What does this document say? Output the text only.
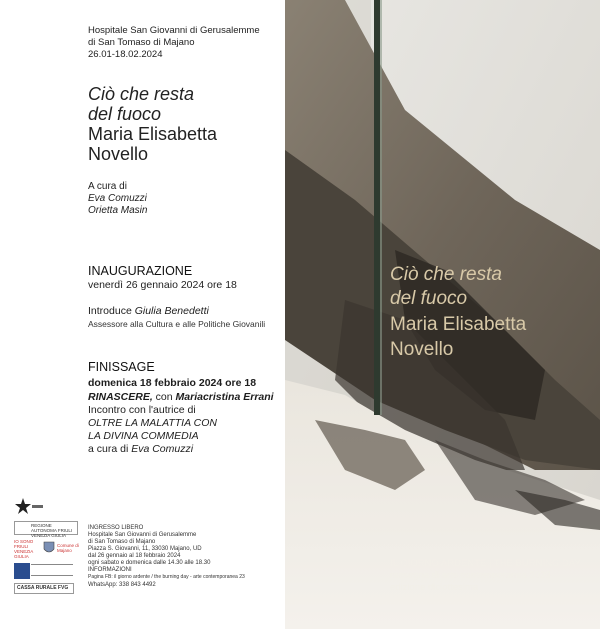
Hospitale San Giovanni di Gerusalemme
di San Tomaso di Majano
26.01-18.02.2024
Ciò che resta
del fuoco
Maria Elisabetta
Novello
A cura di
Eva Comuzzi
Orietta Masin
INAUGURAZIONE
venerdì 26 gennaio 2024 ore 18
Introduce Giulia Benedetti
Assessore alla Cultura e alle Politiche Giovanili
FINISSAGE
domenica 18 febbraio 2024 ore 18
RINASCERE, con Mariacristina Errani
Incontro con l'autrice di
OLTRE LA MALATTIA CON
LA DIVINA COMMEDIA
a cura di Eva Comuzzi
REGIONE AUTONOMA FRIULI VENEZIA GIULIA
IO SONO FRIULI VENEZIA GIULIA
Comune di Majano
CASSA RURALE FVG
INGRESSO LIBERO
Hospitale San Giovanni di Gerusalemme
di San Tomaso di Majano
Piazza S. Giovanni, 11, 33030 Majano, UD
dal 26 gennaio al 18 febbraio 2024
ogni sabato e domenica dalle 14.30 alle 18.30
INFORMAZIONI
Pagina FB: il giorno ardente / the burning day - arte contemporanea 23
WhatsApp: 338 843 4492
Ciò che resta
del fuoco
Maria Elisabetta
Novello
IL GIORNO ARDENTE | THE BURNING DAY
rassegna di arte contemporanea 2023
edizione diciottesima
